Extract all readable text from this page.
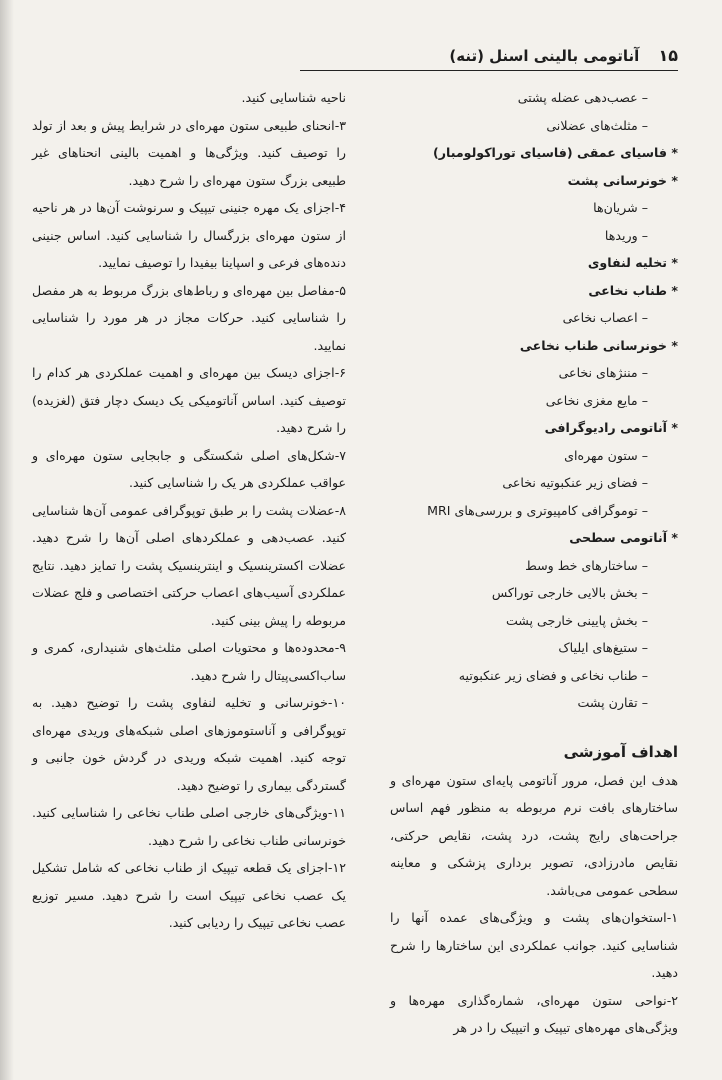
۱۵ آناتومی بالینی اسنل (تنه)
– عصب‌دهی عضله پشتی
– مثلث‌های عضلانی
* فاسیای عمقی (فاسیای توراکولومبار)
* خونرسانی پشت
– شریان‌ها
– وریدها
* تخلیه لنفاوی
* طناب نخاعی
– اعصاب نخاعی
* خونرسانی طناب نخاعی
– مننژهای نخاعی
– مایع مغزی نخاعی
* آناتومی رادیوگرافی
– ستون مهره‌ای
– فضای زیر عنکبوتیه نخاعی
– توموگرافی کامپیوتری و بررسی‌های MRI
* آناتومی سطحی
– ساختارهای خط وسط
– بخش بالایی خارجی توراکس
– بخش پایینی خارجی پشت
– ستیغ‌های ایلیاک
– طناب نخاعی و فضای زیر عنکبوتیه
– تقارن پشت
اهداف آموزشی

هدف این فصل، مرور آناتومی پایه‌ای ستون مهره‌ای و ساختارهای بافت نرم مربوطه به منظور فهم اساس جراحت‌های رایج پشت، درد پشت، نقایص حرکتی، نقایص مادرزادی، تصویر برداری پزشکی و معاینه سطحی عمومی می‌باشد.

۱-استخوان‌های پشت و ویژگی‌های عمده آنها را شناسایی کنید. جوانب عملکردی این ساختارها را شرح دهید.

۲-نواحی ستون مهره‌ای، شماره‌گذاری مهره‌ها و ویژگی‌های مهره‌های تیپیک و اتیپیک را در هر

ناحیه شناسایی کنید.

۳-انحنای طبیعی ستون مهره‌ای در شرایط پیش و بعد از تولد را توصیف کنید. ویژگی‌ها و اهمیت بالینی انحناهای غیر طبیعی بزرگ ستون مهره‌ای را شرح دهید.

۴-اجزای یک مهره جنینی تیپیک و سرنوشت آن‌ها در هر ناحیه از ستون مهره‌ای بزرگسال را شناسایی کنید. اساس جنینی دنده‌های فرعی و اسپاینا بیفیدا را توصیف نمایید.

۵-مفاصل بین مهره‌ای و رباط‌های بزرگ مربوط به هر مفصل را شناسایی کنید. حرکات مجاز در هر مورد را شناسایی نمایید.

۶-اجزای دیسک بین مهره‌ای و اهمیت عملکردی هر کدام را توصیف کنید. اساس آناتومیکی یک دیسک دچار فتق (لغزیده) را شرح دهید.

۷-شکل‌های اصلی شکستگی و جابجایی ستون مهره‌ای و عواقب عملکردی هر یک را شناسایی کنید.

۸-عضلات پشت را بر طبق توپوگرافی عمومی آن‌ها شناسایی کنید. عصب‌دهی و عملکردهای اصلی آن‌ها را شرح دهید. عضلات اکسترینسیک و اینترینسیک پشت را تمایز دهید. نتایج عملکردی آسیب‌های اعصاب حرکتی اختصاصی و فلج عضلات مربوطه را پیش بینی کنید.

۹-محدوده‌ها و محتویات اصلی مثلث‌های شنیداری، کمری و ساب‌اکسی‌پیتال را شرح دهید.

۱۰-خونرسانی و تخلیه لنفاوی پشت را توضیح دهید. به توپوگرافی و آناستوموزهای اصلی شبکه‌های وریدی مهره‌ای توجه کنید. اهمیت شبکه وریدی در گردش خون جانبی و گستردگی بیماری را توضیح دهید.

۱۱-ویژگی‌های خارجی اصلی طناب نخاعی را شناسایی کنید. خونرسانی طناب نخاعی را شرح دهید.

۱۲-اجزای یک قطعه تیپیک از طناب نخاعی که شامل تشکیل یک عصب نخاعی تیپیک است را شرح دهید. مسیر توزیع عصب نخاعی تیپیک را ردیابی کنید.
